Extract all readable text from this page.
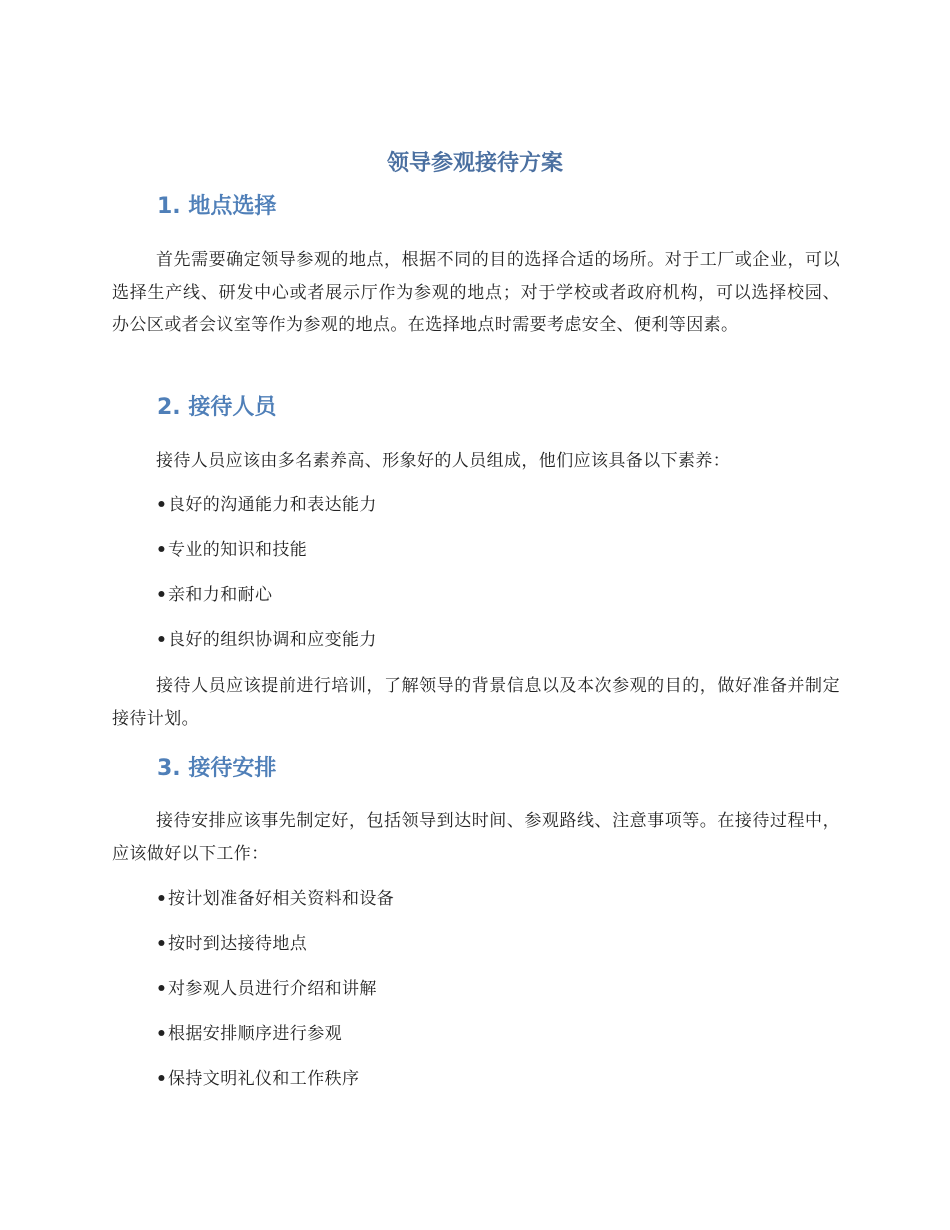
领导参观接待方案
1. 地点选择
首先需要确定领导参观的地点，根据不同的目的选择合适的场所。对于工厂或企业，可以选择生产线、研发中心或者展示厅作为参观的地点；对于学校或者政府机构，可以选择校园、办公区或者会议室等作为参观的地点。在选择地点时需要考虑安全、便利等因素。
2. 接待人员
接待人员应该由多名素养高、形象好的人员组成，他们应该具备以下素养：
•良好的沟通能力和表达能力
•专业的知识和技能
•亲和力和耐心
•良好的组织协调和应变能力
接待人员应该提前进行培训，了解领导的背景信息以及本次参观的目的，做好准备并制定接待计划。
3. 接待安排
接待安排应该事先制定好，包括领导到达时间、参观路线、注意事项等。在接待过程中，应该做好以下工作：
•按计划准备好相关资料和设备
•按时到达接待地点
•对参观人员进行介绍和讲解
•根据安排顺序进行参观
•保持文明礼仪和工作秩序
